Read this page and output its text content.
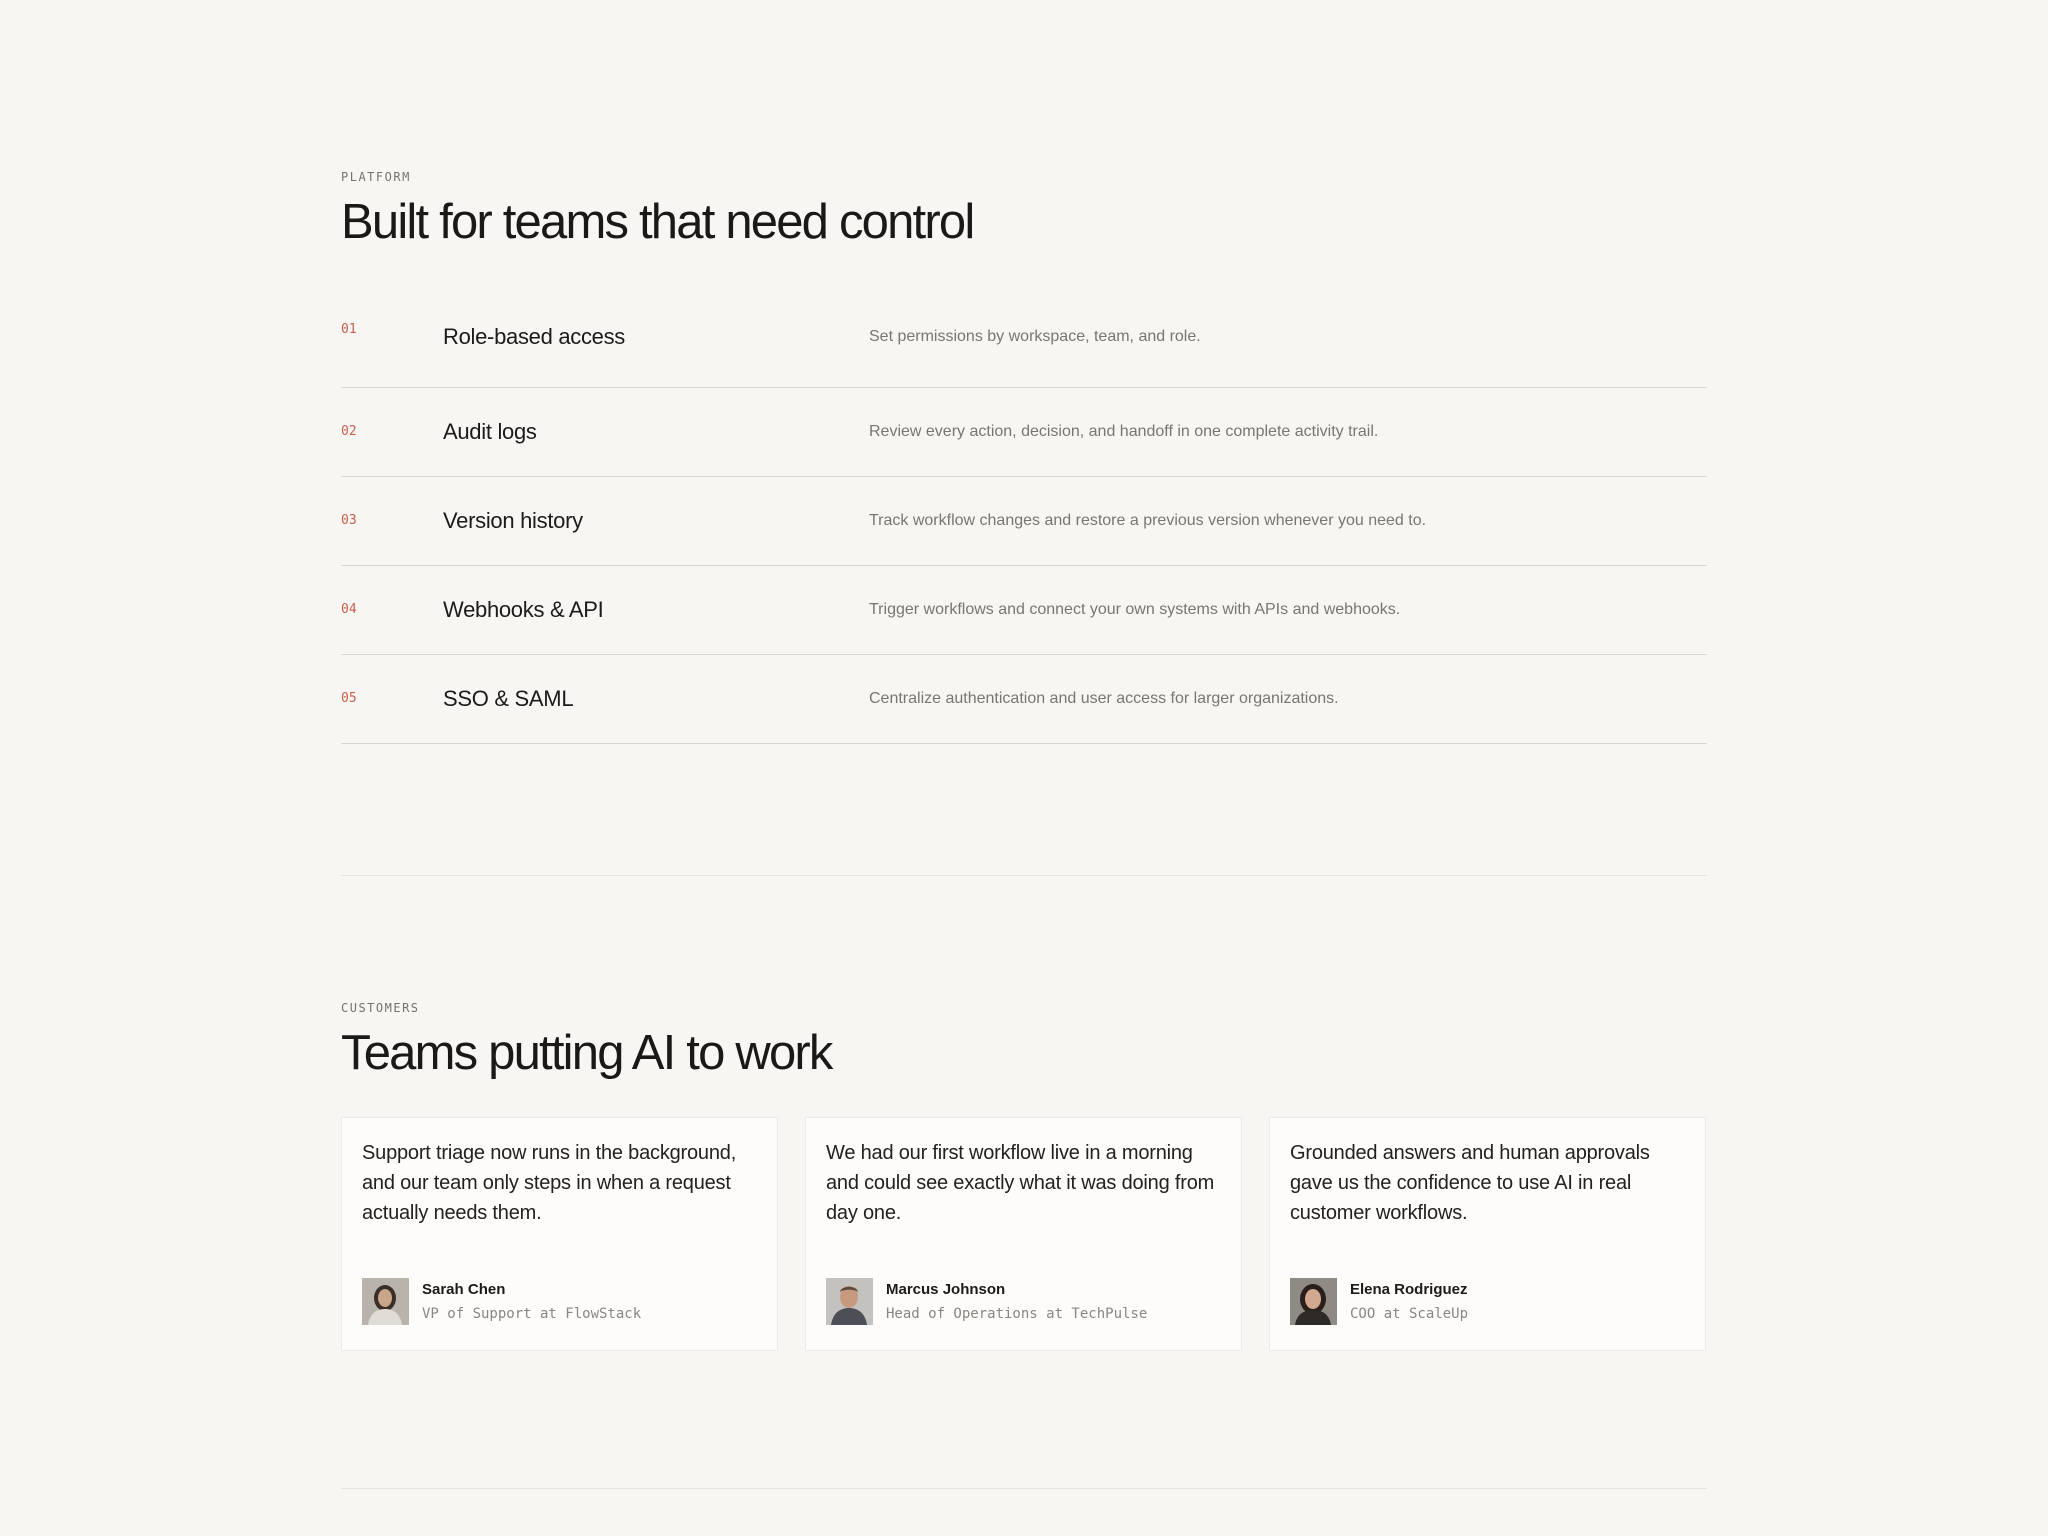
PLATFORM

Built for teams that need control
01	Role-based access	Set permissions by workspace, team, and role.
02	Audit logs	Review every action, decision, and handoff in one complete activity trail.
03	Version history	Track workflow changes and restore a previous version whenever you need to.
04	Webhooks & API	Trigger workflows and connect your own systems with APIs and webhooks.
05	SSO & SAML	Centralize authentication and user access for larger organizations.

CUSTOMERS

Teams putting AI to work

Support triage now runs in the background, and our team only steps in when a request actually needs them.

Sarah Chen

VP of Support at FlowStack

We had our first workflow live in a morning and could see exactly what it was doing from day one.

Marcus Johnson

Head of Operations at TechPulse

Grounded answers and human approvals gave us the confidence to use AI in real customer workflows.

Elena Rodriguez

COO at ScaleUp
